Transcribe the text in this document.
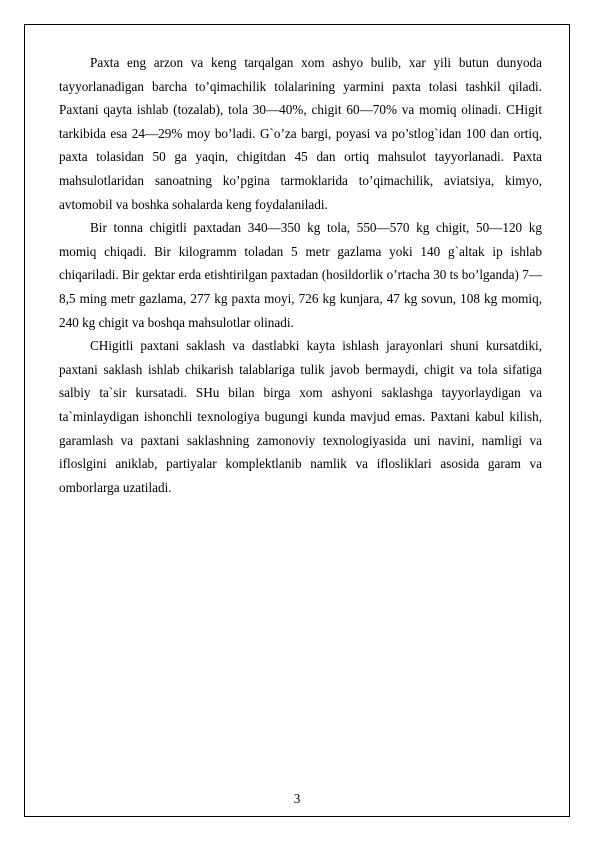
Paxta eng arzon va keng tarqalgan xom ashyo bulib, xar yili butun dunyoda tayyorlanadigan barcha to’qimachilik tolalarining yarmini paxta tolasi tashkil qiladi. Paxtani qayta ishlab (tozalab), tola 30—40%, chigit 60—70% va momiq olinadi. CHigit tarkibida esa 24—29% moy bo’ladi. G`o’za bargi, poyasi va po’stlog`idan 100 dan ortiq, paxta tolasidan 50 ga yaqin, chigitdan 45 dan ortiq mahsulot tayyorlanadi. Paxta mahsulotlaridan sanoatning ko’pgina tarmoklarida to’qimachilik, aviatsiya, kimyo, avtomobil va boshka sohalarda keng foydalaniladi.

Bir tonna chigitli paxtadan 340—350 kg tola, 550—570 kg chigit, 50—120 kg momiq chiqadi. Bir kilogramm toladan 5 metr gazlama yoki 140 g`altak ip ishlab chiqariladi. Bir gektar erda etishtirilgan paxtadan (hosildorlik o’rtacha 30 ts bo’lganda) 7—8,5 ming metr gazlama, 277 kg paxta moyi, 726 kg kunjara, 47 kg sovun, 108 kg momiq, 240 kg chigit va boshqa mahsulotlar olinadi.

CHigitli paxtani saklash va dastlabki kayta ishlash jarayonlari shuni kursatdiki, paxtani saklash ishlab chikarish talablariga tulik javob bermaydi, chigit va tola sifatiga salbiy ta`sir kursatadi. SHu bilan birga xom ashyoni saklashga tayyorlaydigan va ta`minlaydigan ishonchli texnologiya bugungi kunda mavjud emas. Paxtani kabul kilish, garamlash va paxtani saklashning zamonoviy texnologiyasida uni navini, namligi va ifloslgini aniklab, partiyalar komplektlanib namlik va iflosliklari asosida garam va omborlarga uzatiladi.

3
